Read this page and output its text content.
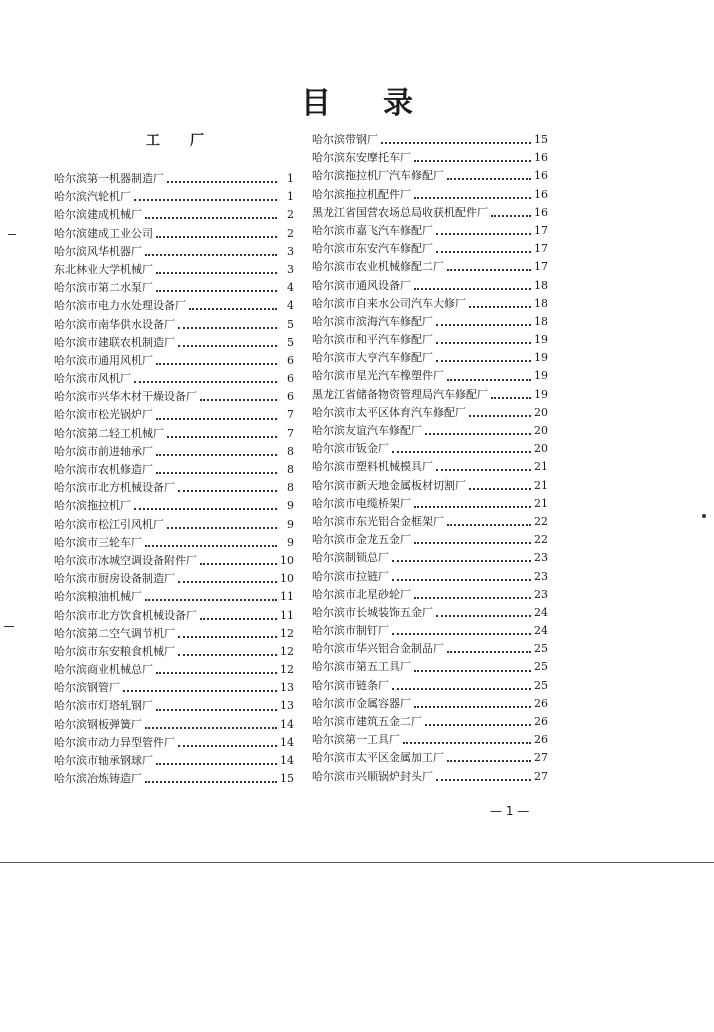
目 录
工 厂
哈尔滨第一机器制造厂	1
哈尔滨汽轮机厂	1
哈尔滨建成机械厂	2
哈尔滨建成工业公司	2
哈尔滨风华机器厂	3
东北林业大学机械厂	3
哈尔滨市第二水泵厂	4
哈尔滨市电力水处理设备厂	4
哈尔滨市南华供水设备厂	5
哈尔滨市建联农机制造厂	5
哈尔滨市通用风机厂	6
哈尔滨市风机厂	6
哈尔滨市兴华木材干燥设备厂	6
哈尔滨市松光锅炉厂	7
哈尔滨第二轻工机械厂	7
哈尔滨市前进轴承厂	8
哈尔滨市农机修造厂	8
哈尔滨市北方机械设备厂	8
哈尔滨拖拉机厂	9
哈尔滨市松江引风机厂	9
哈尔滨市三轮车厂	9
哈尔滨市冰城空调设备附件厂	10
哈尔滨市厨房设备制造厂	10
哈尔滨粮油机械厂	11
哈尔滨市北方饮食机械设备厂	11
哈尔滨第二空气调节机厂	12
哈尔滨市东安粮食机械厂	12
哈尔滨商业机械总厂	12
哈尔滨钢管厂	13
哈尔滨市灯塔轧钢厂	13
哈尔滨钢板弹簧厂	14
哈尔滨市动力异型管件厂	14
哈尔滨市轴承钢球厂	14
哈尔滨冶炼铸造厂	15
哈尔滨带钢厂	15
哈尔滨东安摩托车厂	16
哈尔滨拖拉机厂汽车修配厂	16
哈尔滨拖拉机配件厂	16
黑龙江省国营农场总局收获机配件厂	16
哈尔滨市嘉飞汽车修配厂	17
哈尔滨市东安汽车修配厂	17
哈尔滨市农业机械修配二厂	17
哈尔滨市通风设备厂	18
哈尔滨市自来水公司汽车大修厂	18
哈尔滨市滨海汽车修配厂	18
哈尔滨市和平汽车修配厂	19
哈尔滨市大亨汽车修配厂	19
哈尔滨市星光汽车橡塑件厂	19
黑龙江省储备物资管理局汽车修配厂	19
哈尔滨市太平区体育汽车修配厂	20
哈尔滨友谊汽车修配厂	20
哈尔滨市钣金厂	20
哈尔滨市塑料机械模具厂	21
哈尔滨市新天地金属板材切割厂	21
哈尔滨市电缆桥架厂	21
哈尔滨市东光铝合金框架厂	22
哈尔滨市金龙五金厂	22
哈尔滨制锁总厂	23
哈尔滨市拉链厂	23
哈尔滨市北星砂轮厂	23
哈尔滨市长城装饰五金厂	24
哈尔滨市制钉厂	24
哈尔滨市华兴铝合金制品厂	25
哈尔滨市第五工具厂	25
哈尔滨市链条厂	25
哈尔滨市金属容器厂	26
哈尔滨市建筑五金二厂	26
哈尔滨第一工具厂	26
哈尔滨市太平区金属加工厂	27
哈尔滨市兴顺锅炉封头厂	27
— 1 —
